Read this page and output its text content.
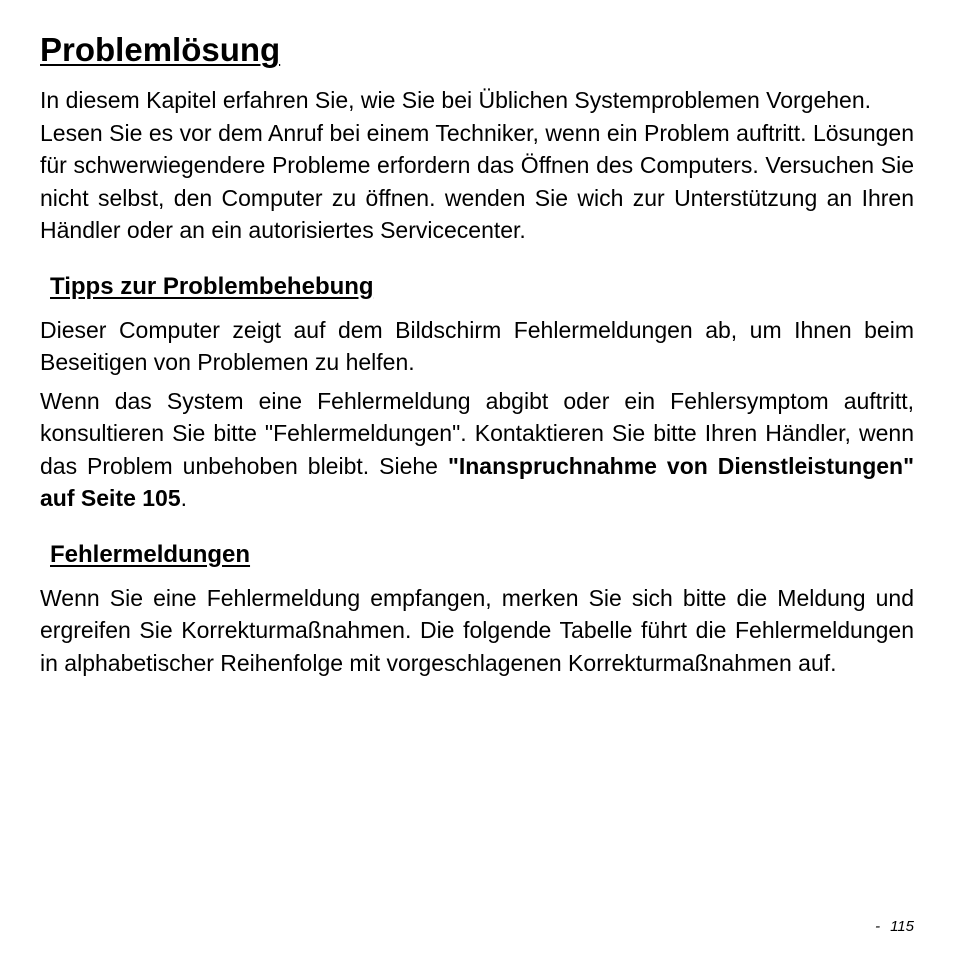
Problemlösung

In diesem Kapitel erfahren Sie, wie Sie bei Üblichen Systemproblemen Vorgehen.

Lesen Sie es vor dem Anruf bei einem Techniker, wenn ein Problem auftritt. Lösungen für schwerwiegendere Probleme erfordern das Öffnen des Computers. Versuchen Sie nicht selbst, den Computer zu öffnen. wenden Sie wich zur Unterstützung an Ihren Händler oder an ein autorisiertes Servicecenter.

Tipps zur Problembehebung

Dieser Computer zeigt auf dem Bildschirm Fehlermeldungen ab, um Ihnen beim Beseitigen von Problemen zu helfen.

Wenn das System eine Fehlermeldung abgibt oder ein Fehlersymptom auftritt, konsultieren Sie bitte "Fehlermeldungen". Kontaktieren Sie bitte Ihren Händler, wenn das Problem unbehoben bleibt. Siehe "Inanspruchnahme von Dienstleistungen" auf Seite 105.

Fehlermeldungen

Wenn Sie eine Fehlermeldung empfangen, merken Sie sich bitte die Meldung und ergreifen Sie Korrekturmaßnahmen. Die folgende Tabelle führt die Fehlermeldungen in alphabetischer Reihenfolge mit vorgeschlagenen Korrekturmaßnahmen auf.

- 115
